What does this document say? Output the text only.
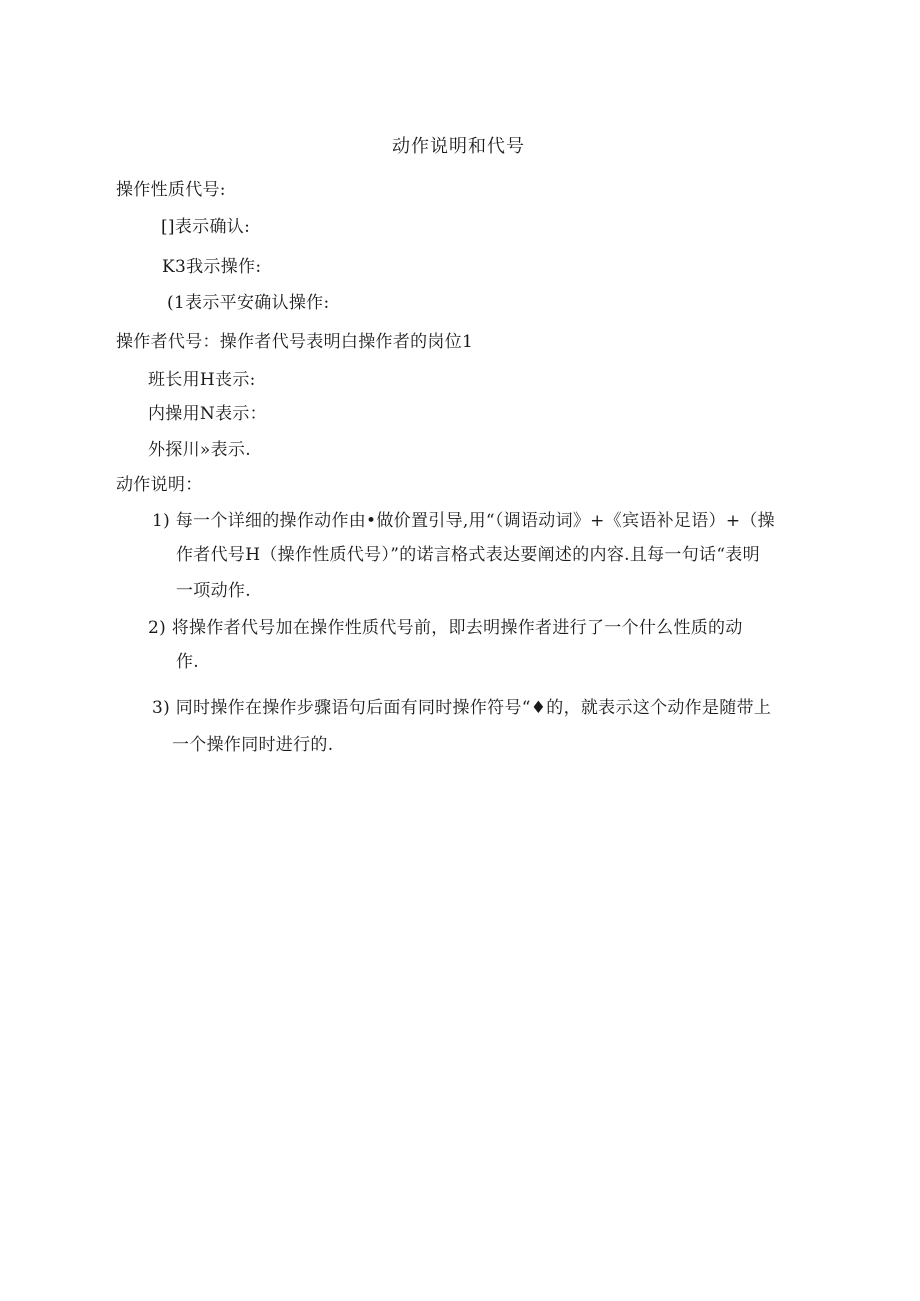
动作说明和代号
操作性质代号:
[]表示确认:
K3我示操作:
(1表示平安确认操作:
操作者代号：操作者代号表明白操作者的岗位1
班长用H丧示:
内操用N表示：
外探川»表示.
动作说明：
1) 每一个详细的操作动作由•做价置引导,用“（调语动词》+《宾语补足语）+（操
作者代号H（操作性质代号）”的诺言格式表达要阐述的内容.且每一句话“表明
一项动作.
2) 将操作者代号加在操作性质代号前，即去明操作者进行了一个什么性质的动
作.
3) 同时操作在操作步骤语句后面有同时操作符号“♦的，就表示这个动作是随带上
一个操作同时进行的.
